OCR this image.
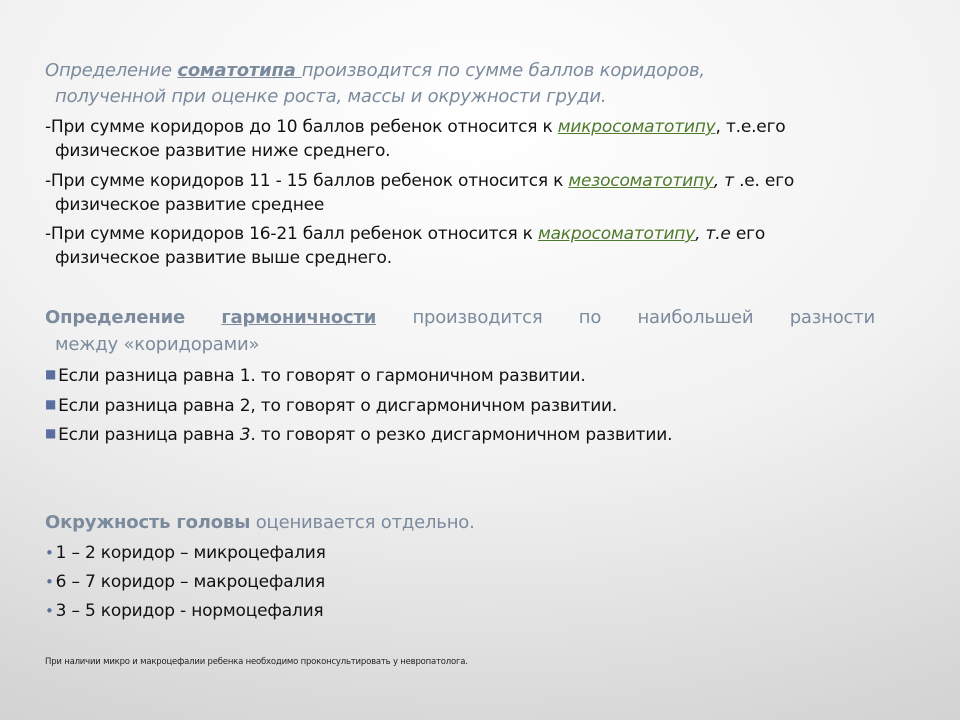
Определение соматотипа производится по сумме баллов коридоров,
полученной при оценке роста, массы и окружности груди.
-При сумме коридоров до 10 баллов ребенок относится к микросоматотипу, т.е.его
физическое развитие ниже среднего.
-При сумме коридоров 11 - 15 баллов ребенок относится к мезосоматотипу, т .е. его
физическое развитие среднее
-При сумме коридоров 16-21 балл ребенок относится к макросоматотипу, т.е его
физическое развитие выше среднего.
Определение гармоничности производится по наибольшей разности
между «коридорами»
■ Если разница равна 1. то говорят о гармоничном развитии.
■ Если разница равна 2, то говорят о дисгармоничном развитии.
■ Если разница равна 3. то говорят о резко дисгармоничном развитии.
Окружность головы оценивается отдельно.
• 1 – 2 коридор – микроцефалия
• 6 – 7 коридор – макроцефалия
• 3 – 5 коридор - нормоцефалия
При наличии микро и макроцефалии ребенка необходимо проконсультировать у невропатолога.
